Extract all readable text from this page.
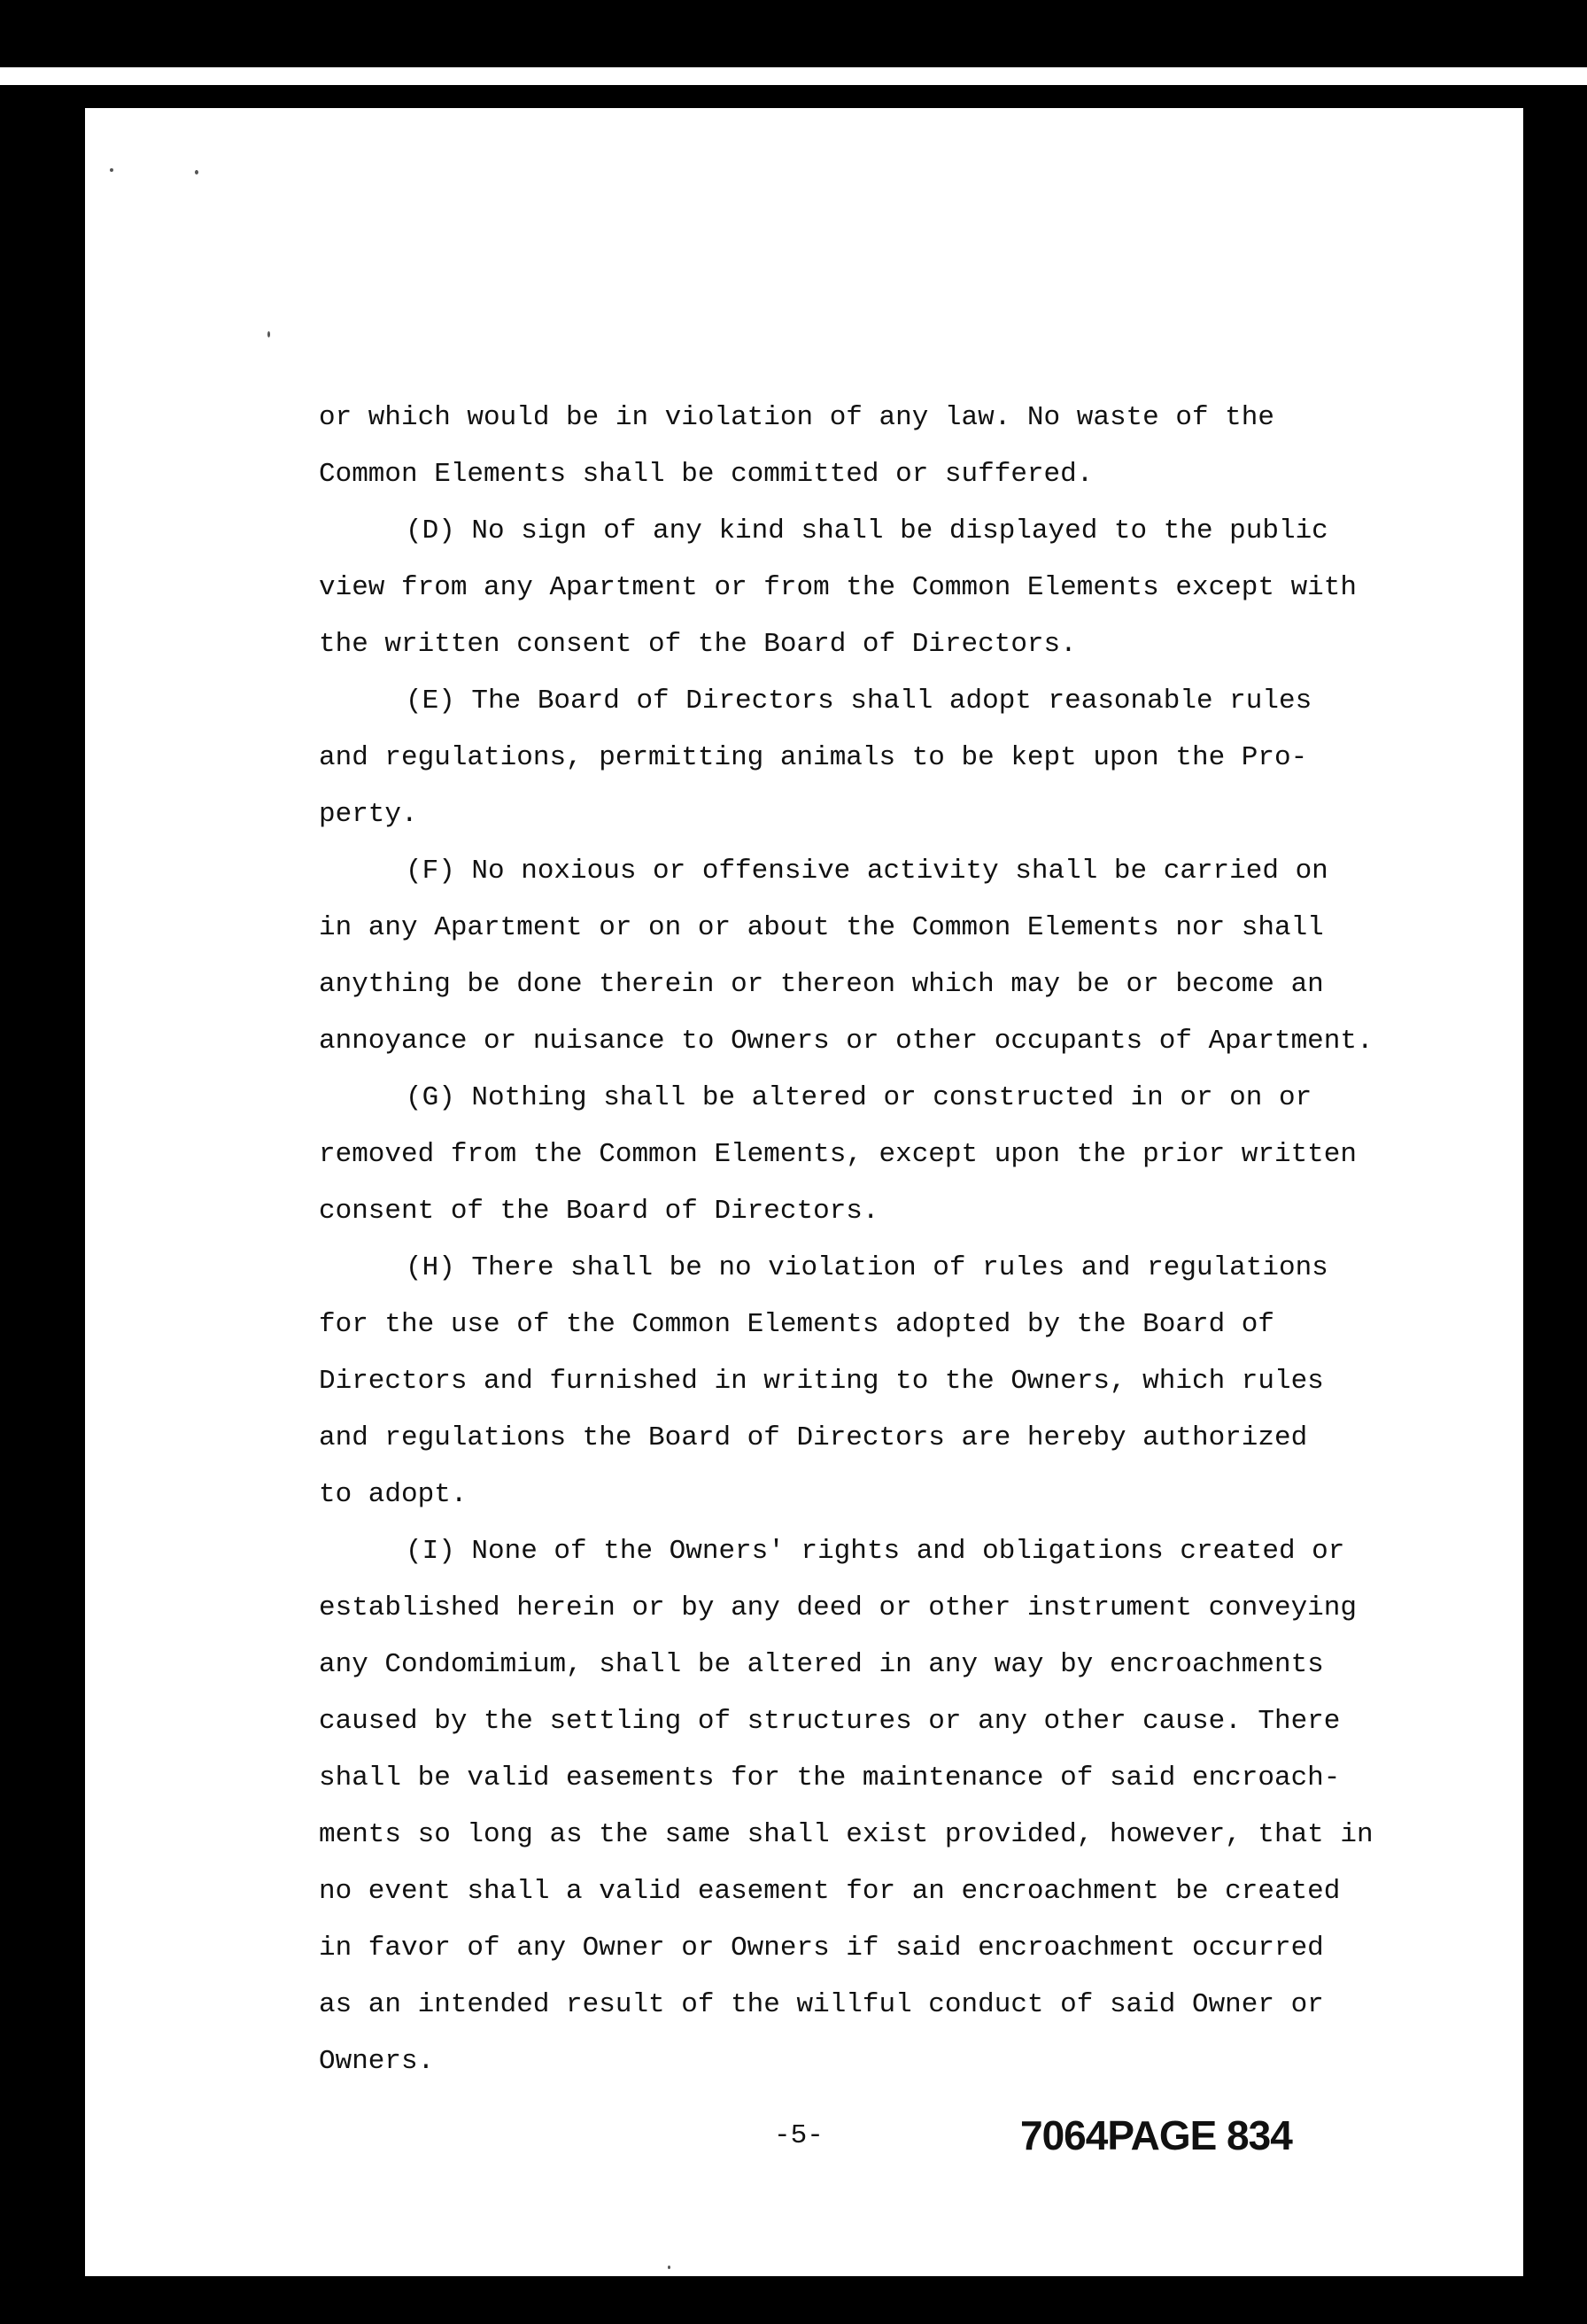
or which would be in violation of any law. No waste of the

Common Elements shall be committed or suffered.

(D) No sign of any kind shall be displayed to the public

view from any Apartment or from the Common Elements except with

the written consent of the Board of Directors.

(E) The Board of Directors shall adopt reasonable rules

and regulations, permitting animals to be kept upon the Pro-

perty.

(F) No noxious or offensive activity shall be carried on

in any Apartment or on or about the Common Elements nor shall

anything be done therein or thereon which may be or become an

annoyance or nuisance to Owners or other occupants of Apartment.

(G) Nothing shall be altered or constructed in or on or

removed from the Common Elements, except upon the prior written

consent of the Board of Directors.

(H) There shall be no violation of rules and regulations

for the use of the Common Elements adopted by the Board of

Directors and furnished in writing to the Owners, which rules

and regulations the Board of Directors are hereby authorized

to adopt.

(I) None of the Owners' rights and obligations created or

established herein or by any deed or other instrument conveying

any Condomimium, shall be altered in any way by encroachments

caused by the settling of structures or any other cause. There

shall be valid easements for the maintenance of said encroach-

ments so long as the same shall exist provided, however, that in

no event shall a valid easement for an encroachment be created

in favor of any Owner or Owners if said encroachment occurred

as an intended result of the willful conduct of said Owner or

Owners.

-5-	7064PAGE 834
